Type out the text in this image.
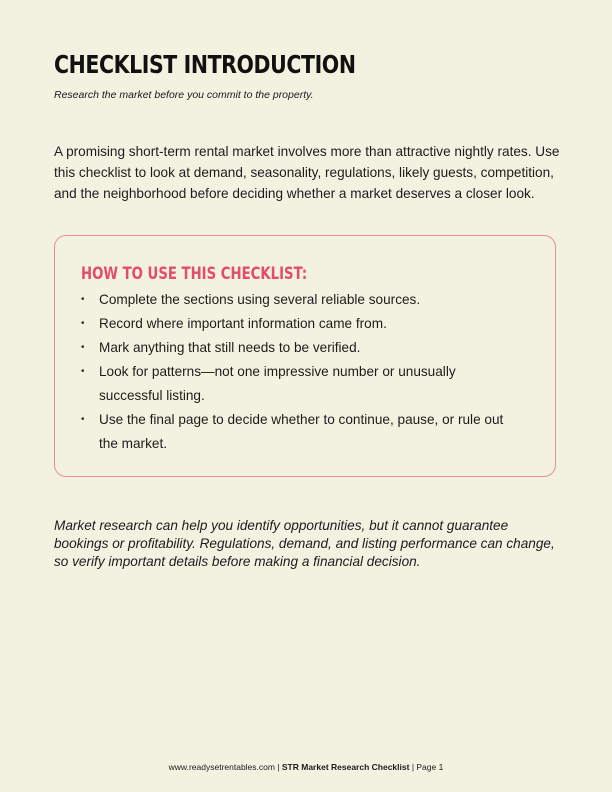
CHECKLIST INTRODUCTION

Research the market before you commit to the property.

A promising short-term rental market involves more than attractive nightly rates. Use this checklist to look at demand, seasonality, regulations, likely guests, competition, and the neighborhood before deciding whether a market deserves a closer look.

HOW TO USE THIS CHECKLIST:
• Complete the sections using several reliable sources.
• Record where important information came from.
• Mark anything that still needs to be verified.
• Look for patterns—not one impressive number or unusually successful listing.
• Use the final page to decide whether to continue, pause, or rule out the market.

Market research can help you identify opportunities, but it cannot guarantee bookings or profitability. Regulations, demand, and listing performance can change, so verify important details before making a financial decision.

www.readysetrentables.com | STR Market Research Checklist | Page 1
